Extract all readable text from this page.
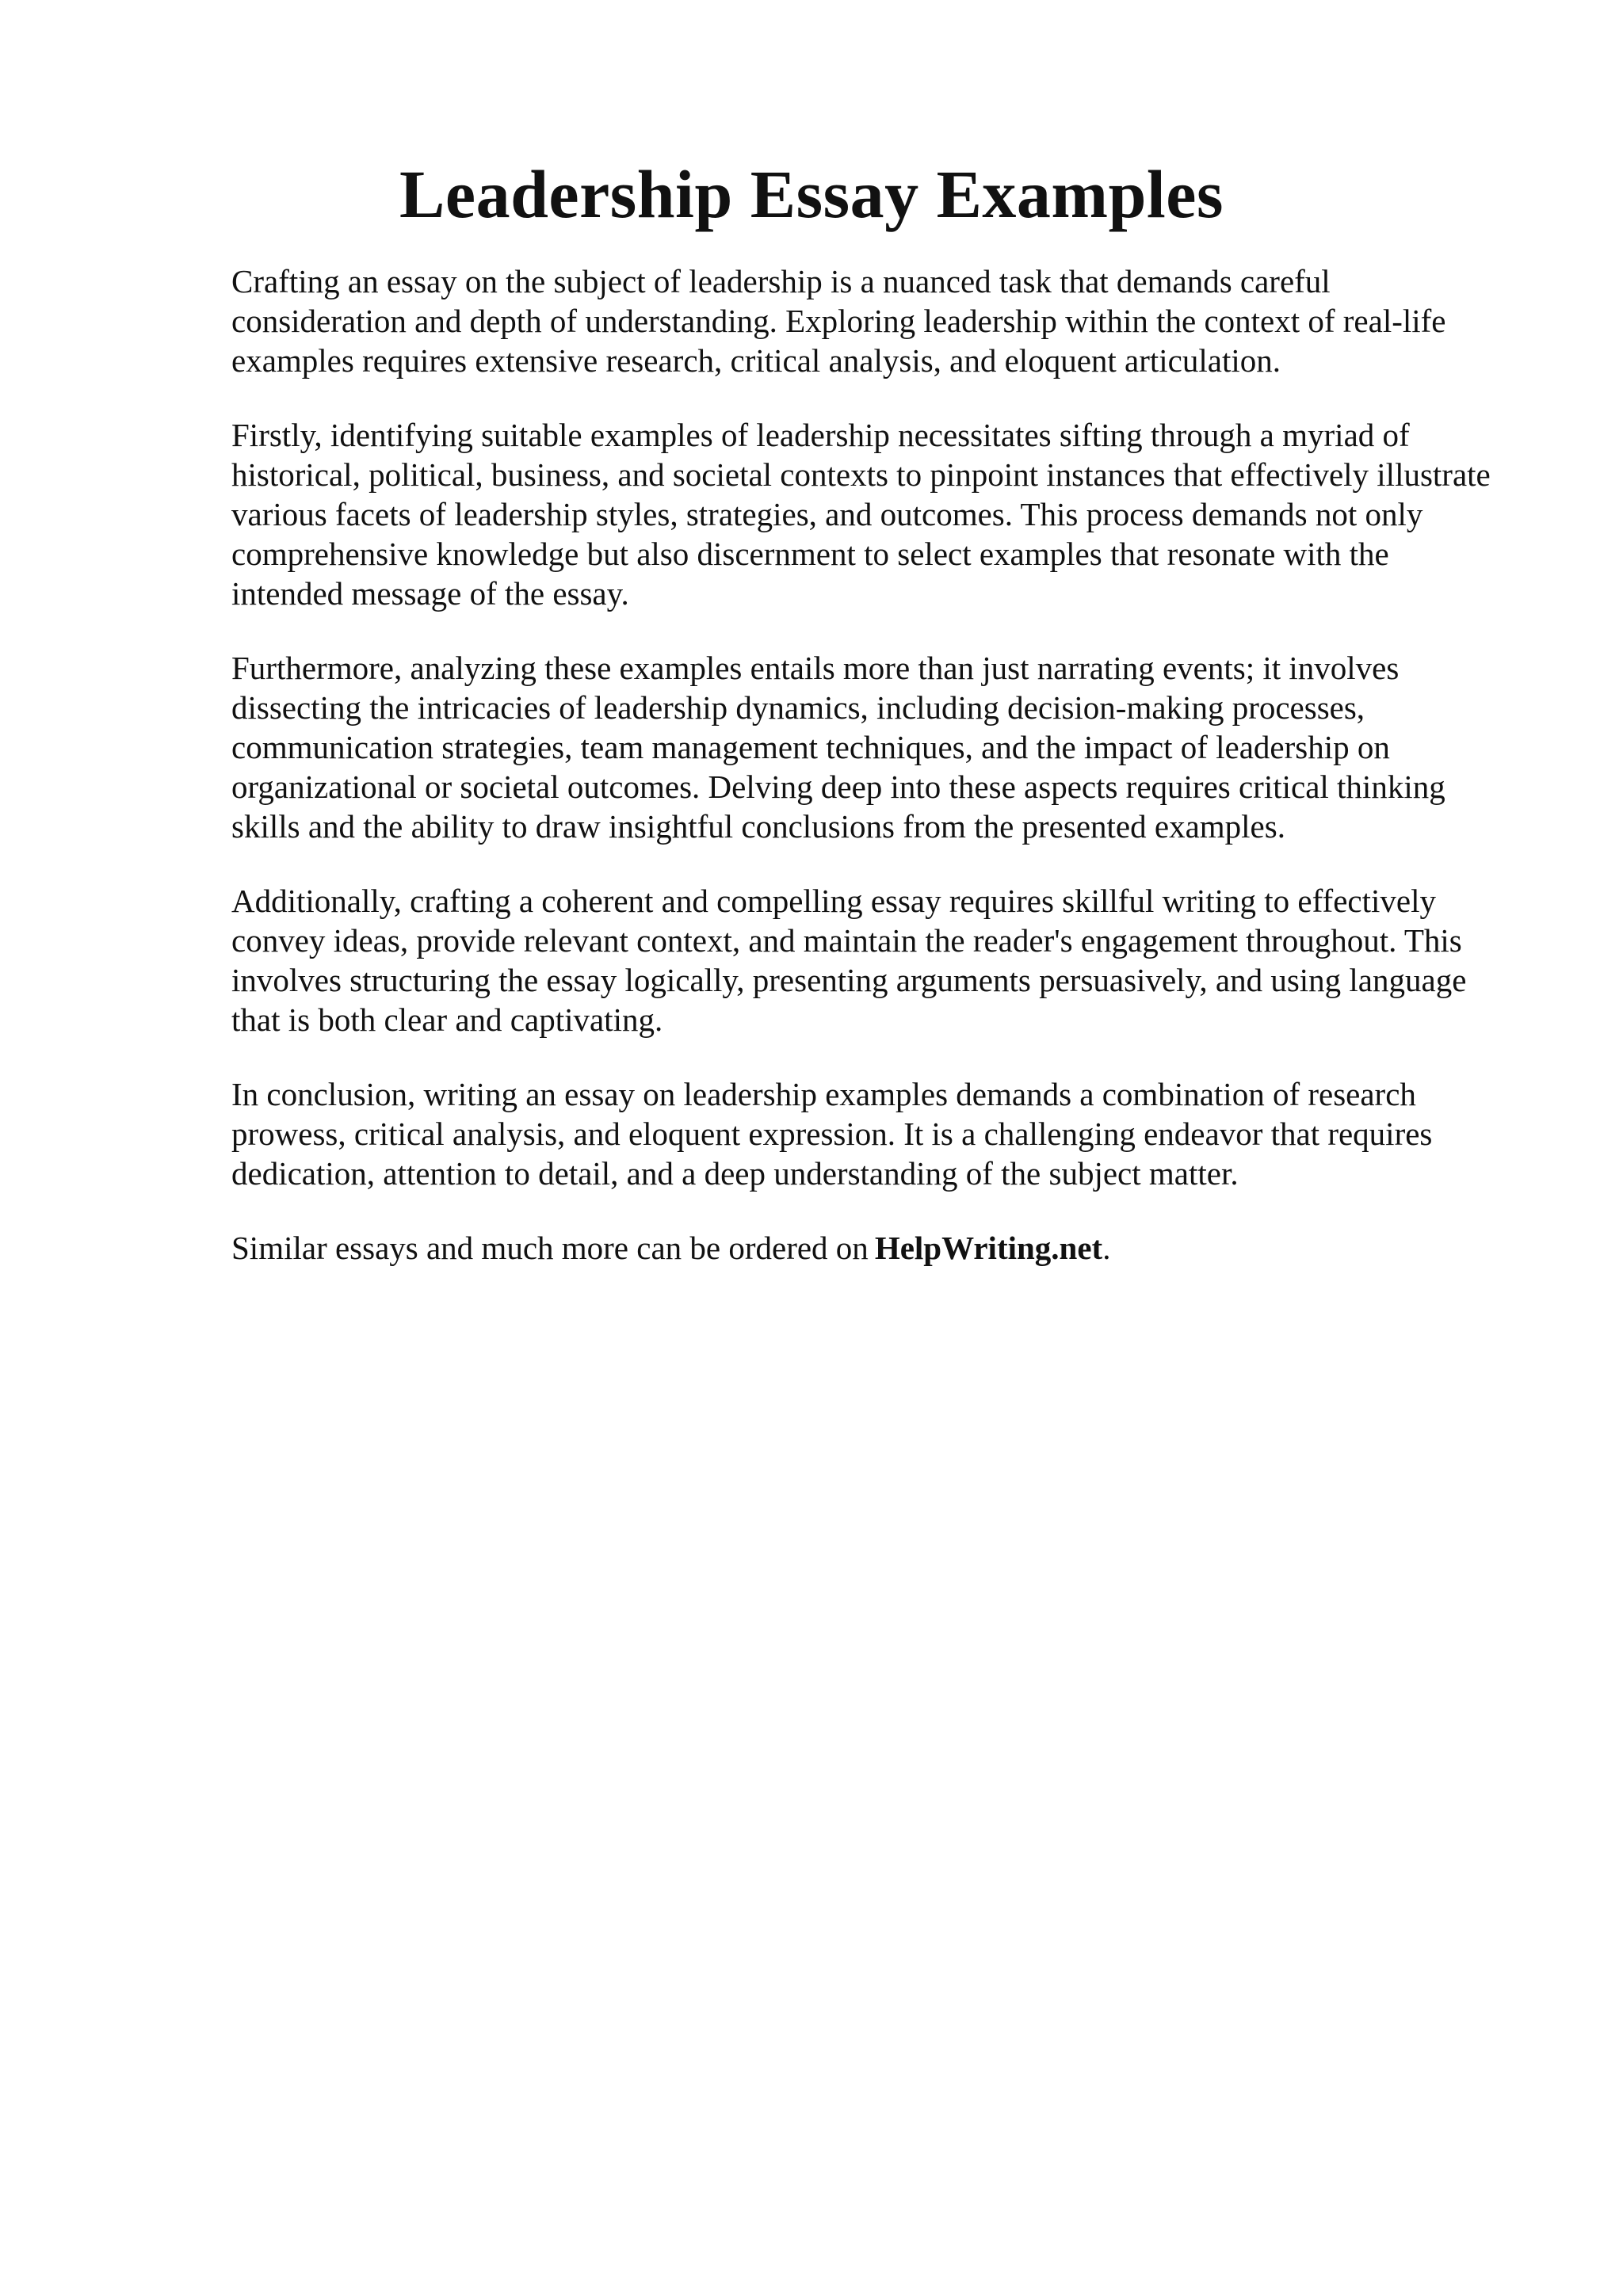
Leadership Essay Examples

Crafting an essay on the subject of leadership is a nuanced task that demands careful
consideration and depth of understanding. Exploring leadership within the context of real-life
examples requires extensive research, critical analysis, and eloquent articulation.

Firstly, identifying suitable examples of leadership necessitates sifting through a myriad of
historical, political, business, and societal contexts to pinpoint instances that effectively illustrate
various facets of leadership styles, strategies, and outcomes. This process demands not only
comprehensive knowledge but also discernment to select examples that resonate with the
intended message of the essay.

Furthermore, analyzing these examples entails more than just narrating events; it involves
dissecting the intricacies of leadership dynamics, including decision-making processes,
communication strategies, team management techniques, and the impact of leadership on
organizational or societal outcomes. Delving deep into these aspects requires critical thinking
skills and the ability to draw insightful conclusions from the presented examples.

Additionally, crafting a coherent and compelling essay requires skillful writing to effectively
convey ideas, provide relevant context, and maintain the reader's engagement throughout. This
involves structuring the essay logically, presenting arguments persuasively, and using language
that is both clear and captivating.

In conclusion, writing an essay on leadership examples demands a combination of research
prowess, critical analysis, and eloquent expression. It is a challenging endeavor that requires
dedication, attention to detail, and a deep understanding of the subject matter.

Similar essays and much more can be ordered on HelpWriting.net.
